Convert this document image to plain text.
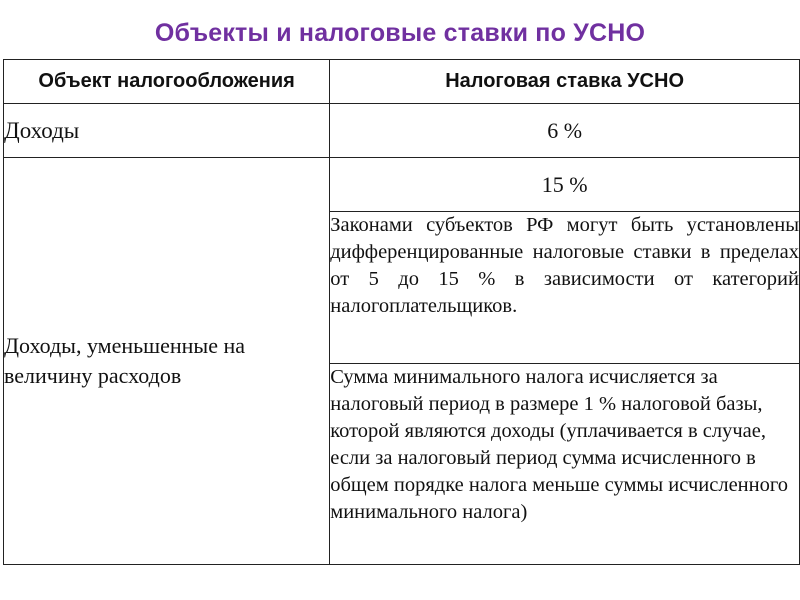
Объекты и налоговые ставки по УСНО
Объект налогообложения	Налоговая ставка УСНО
Доходы	6 %
Доходы, уменьшенные на величину расходов	15 %
	Законами субъектов РФ могут быть установлены дифференцированные налоговые ставки в пределах от 5 до 15 % в зависимости от категорий налогоплательщиков.
	Сумма минимального налога исчисляется за налоговый период в размере 1 % налоговой базы, которой являются доходы (уплачивается в случае, если за налоговый период сумма исчисленного в общем порядке налога меньше суммы исчисленного минимального налога)
